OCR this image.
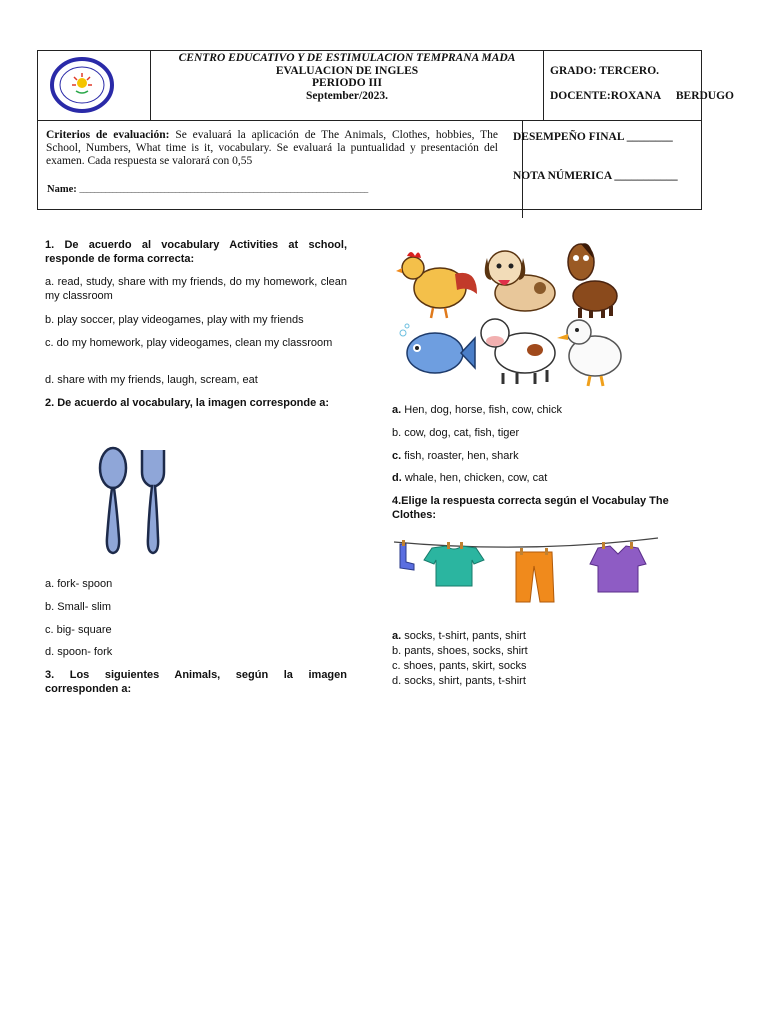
CENTRO EDUCATIVO Y DE ESTIMULACION TEMPRANA MADA
EVALUACION DE INGLES
PERIODO III
September/2023.
GRADO: TERCERO.
DOCENTE: ROXANA BERDUGO
Criterios de evaluación: Se evaluará la aplicación de The Animals, Clothes, hobbies, The School, Numbers, What time is it, vocabulary. Se evaluará la puntualidad y presentación del examen. Cada respuesta se valorará con 0,55
Name: ______________________________________________________________________________
DESEMPEÑO FINAL ________
NOTA NÚMERICA ___________
1. De acuerdo al vocabulary Activities at school, responde de forma correcta:
a. read, study, share with my friends, do my homework, clean my classroom
b. play soccer, play videogames, play with my friends
c. do my homework, play videogames, clean my classroom
d. share with my friends, laugh, scream, eat
2. De acuerdo al vocabulary, la imagen corresponde a:
a. fork- spoon
b. Small- slim
c. big- square
d. spoon- fork
3. Los siguientes Animals, según la imagen corresponden a:
a. Hen, dog, horse, fish, cow, chick
b. cow, dog, cat, fish, tiger
c. fish, roaster, hen, shark
d. whale, hen, chicken, cow, cat
4.Elige la respuesta correcta según el Vocabulay The Clothes:
a. socks, t-shirt, pants, shirt
b. pants, shoes, socks, shirt
c. shoes, pants, skirt, socks
d. socks, shirt, pants, t-shirt
